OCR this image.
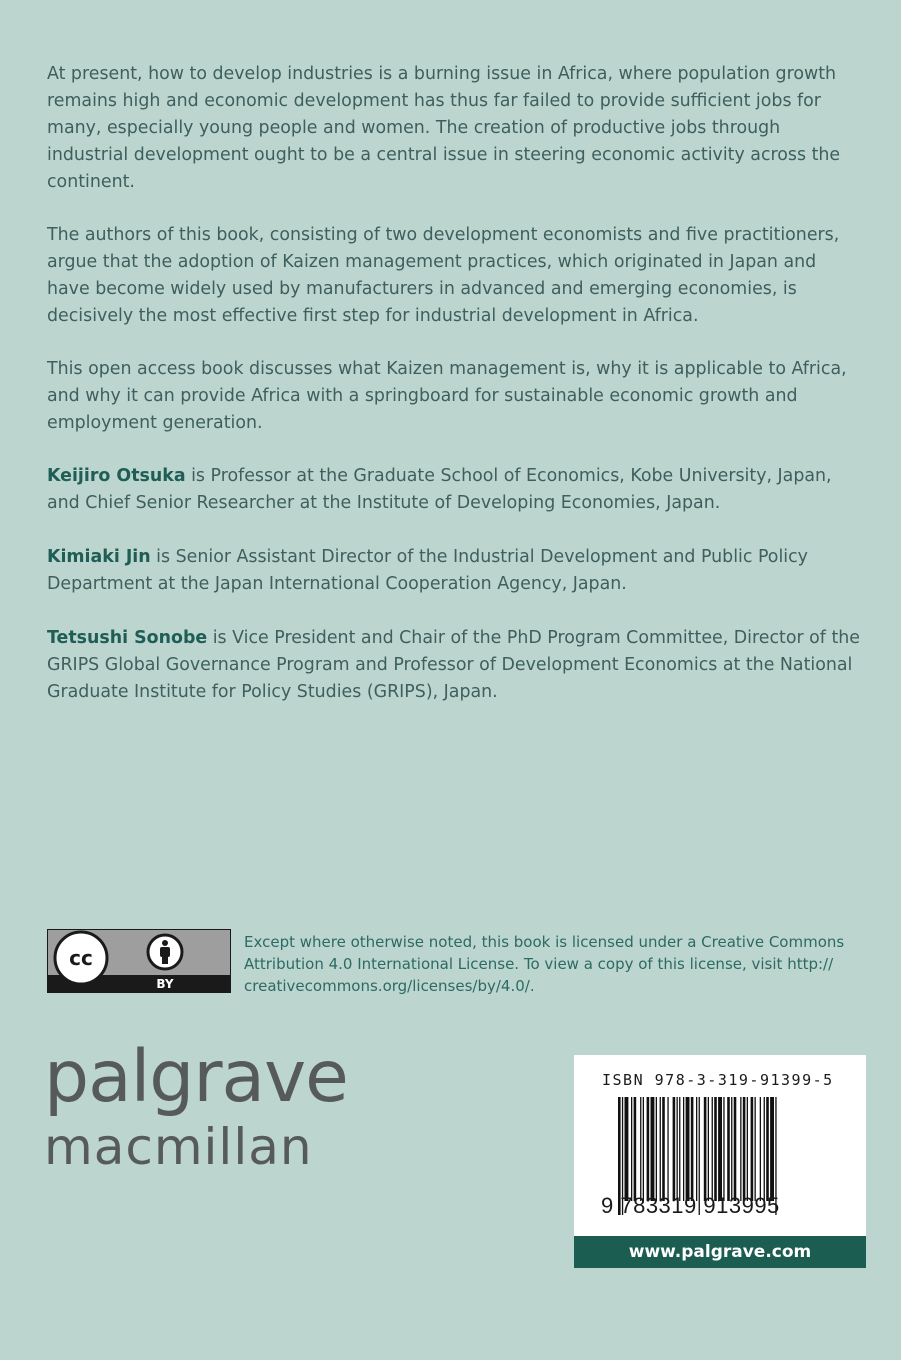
At present, how to develop industries is a burning issue in Africa, where population growth remains high and economic development has thus far failed to provide sufficient jobs for many, especially young people and women. The creation of productive jobs through industrial development ought to be a central issue in steering economic activity across the continent.

The authors of this book, consisting of two development economists and five practitioners, argue that the adoption of Kaizen management practices, which originated in Japan and have become widely used by manufacturers in advanced and emerging economies, is decisively the most effective first step for industrial development in Africa.

This open access book discusses what Kaizen management is, why it is applicable to Africa, and why it can provide Africa with a springboard for sustainable economic growth and employment generation.

Keijiro Otsuka is Professor at the Graduate School of Economics, Kobe University, Japan, and Chief Senior Researcher at the Institute of Developing Economies, Japan.

Kimiaki Jin is Senior Assistant Director of the Industrial Development and Public Policy Department at the Japan International Cooperation Agency, Japan.

Tetsushi Sonobe is Vice President and Chair of the PhD Program Committee, Director of the GRIPS Global Governance Program and Professor of Development Economics at the National Graduate Institute for Policy Studies (GRIPS), Japan.

cc
BY
Except where otherwise noted, this book is licensed under a Creative Commons
Attribution 4.0 International License. To view a copy of this license, visit http://
creativecommons.org/licenses/by/4.0/.
palgrave
macmillan
ISBN 978-3-319-91399-5
9 783319 913995
www.palgrave.com
